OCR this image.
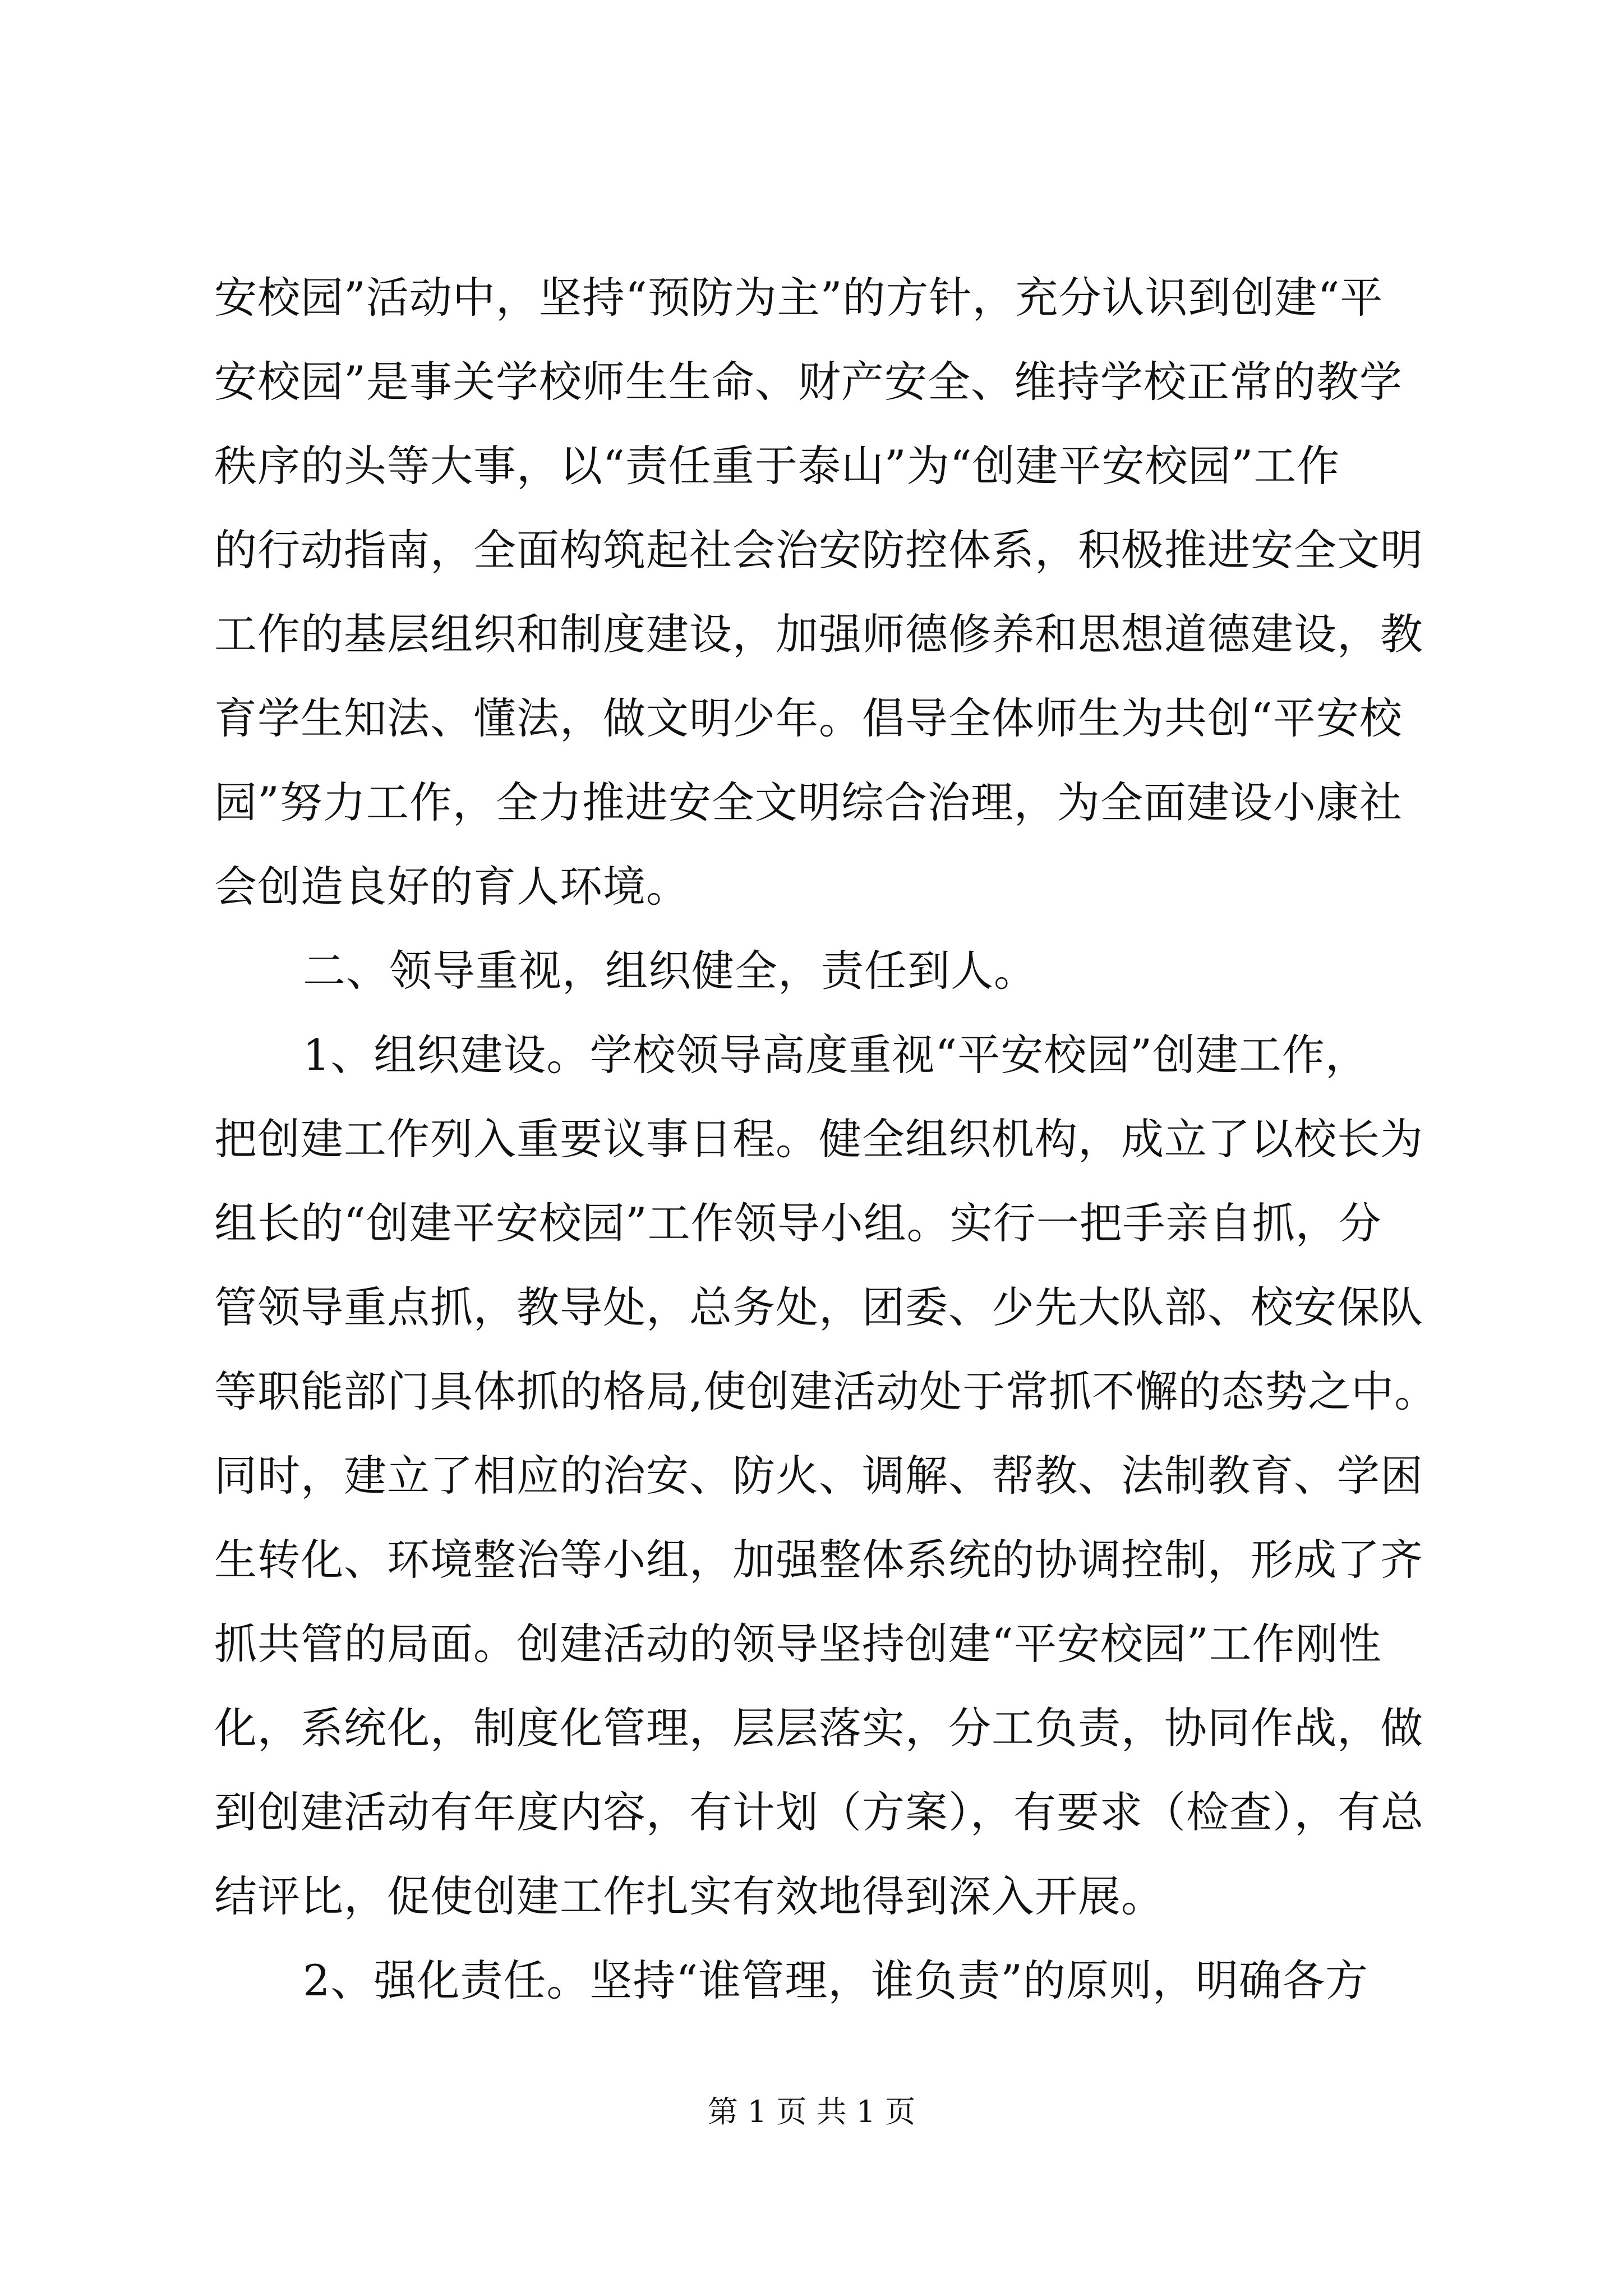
安校园”活动中，坚持“预防为主”的方针，充分认识到创建“平
安校园”是事关学校师生生命、财产安全、维持学校正常的教学
秩序的头等大事，以“责任重于泰山”为“创建平安校园”工作
的行动指南，全面构筑起社会治安防控体系，积极推进安全文明
工作的基层组织和制度建设，加强师德修养和思想道德建设，教
育学生知法、懂法，做文明少年。倡导全体师生为共创“平安校
园”努力工作，全力推进安全文明综合治理，为全面建设小康社
会创造良好的育人环境。
二、领导重视，组织健全，责任到人。
1、组织建设。学校领导高度重视“平安校园”创建工作，
把创建工作列入重要议事日程。健全组织机构，成立了以校长为
组长的“创建平安校园”工作领导小组。实行一把手亲自抓，分
管领导重点抓，教导处，总务处，团委、少先大队部、校安保队
等职能部门具体抓的格局,使创建活动处于常抓不懈的态势之中。
同时，建立了相应的治安、防火、调解、帮教、法制教育、学困
生转化、环境整治等小组，加强整体系统的协调控制，形成了齐
抓共管的局面。创建活动的领导坚持创建“平安校园”工作刚性
化，系统化，制度化管理，层层落实，分工负责，协同作战，做
到创建活动有年度内容，有计划（方案），有要求（检查），有总
结评比，促使创建工作扎实有效地得到深入开展。
2、强化责任。坚持“谁管理，谁负责”的原则，明确各方
第 1 页 共 1 页
